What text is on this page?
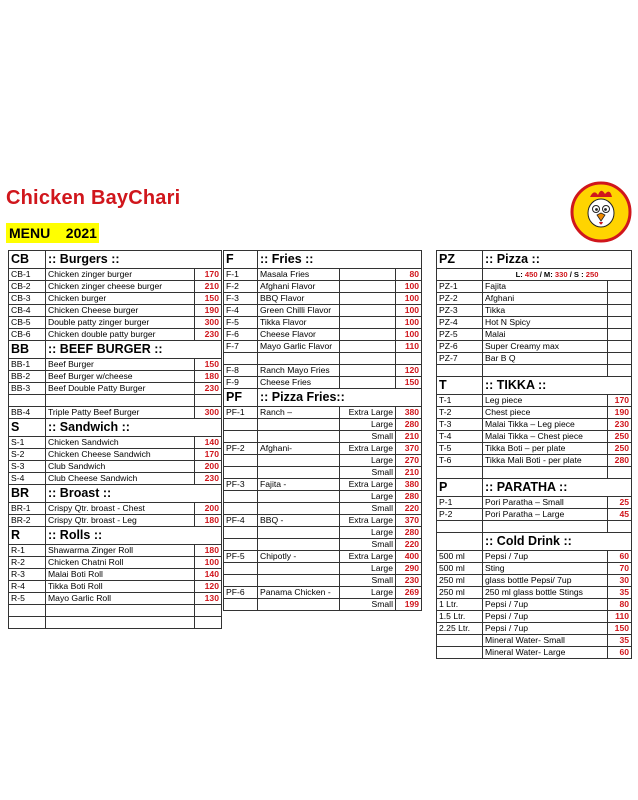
Chicken BayChari
MENU 2021
CB	:: Burgers ::	
CB-1	Chicken zinger burger	170
CB-2	Chicken zinger cheese burger	210
CB-3	Chicken burger	150
CB-4	Chicken Cheese burger	190
CB-5	Double patty zinger burger	300
CB-6	Chicken double patty burger	230
BB	:: BEEF BURGER ::	
BB-1	Beef Burger	150
BB-2	Beef Burger w/cheese	180
BB-3	Beef Double Patty Burger	230

BB-4	Triple Patty Beef Burger	300
S	:: Sandwich ::	
S-1	Chicken Sandwich	140
S-2	Chicken Cheese Sandwich	170
S-3	Club Sandwich	200
S-4	Club Cheese Sandwich	230
BR	:: Broast ::	
BR-1	Crispy Qtr. broast - Chest	200
BR-2	Crispy Qtr. broast - Leg	180
R	:: Rolls ::	
R-1	Shawarma Zinger Roll	180
R-2	Chicken Chatni Roll	100
R-3	Malai Boti Roll	140
R-4	Tikka Boti Roll	120
R-5	Mayo Garlic Roll	130

F	:: Fries ::		
F-1	Masala Fries		80
F-2	Afghani Flavor		100
F-3	BBQ Flavor		100
F-4	Green Chilli Flavor		100
F-5	Tikka Flavor		100
F-6	Cheese Flavor		100
F-7	Mayo Garlic Flavor		110

F-8	Ranch Mayo Fries		120
F-9	Cheese Fries		150
PF	:: Pizza Fries::		
PF-1	Ranch –	Extra Large	380
		Large	280
		Small	210
PF-2	Afghani-	Extra Large	370
		Large	270
		Small	210
PF-3	Fajita -	Extra Large	380
		Large	280
		Small	220
PF-4	BBQ -	Extra Large	370
		Large	280
		Small	220
PF-5	Chipotly -	Extra Large	400
		Large	290
		Small	230
PF-6	Panama Chicken -	Large	269
		Small	199
PZ	:: Pizza ::	
	L: 450 / M: 330 / S : 250	
PZ-1	Fajita	
PZ-2	Afghani	
PZ-3	Tikka	
PZ-4	Hot N Spicy	
PZ-5	Malai	
PZ-6	Super Creamy max	
PZ-7	Bar B Q	

T	:: TIKKA ::	
T-1	Leg piece	170
T-2	Chest piece	190
T-3	Malai Tikka – Leg piece	230
T-4	Malai Tikka – Chest piece	250
T-5	Tikka Boti – per plate	250
T-6	Tikka Mali Boti - per plate	280

P	:: PARATHA ::	
P-1	Pori Paratha – Small	25
P-2	Pori Paratha – Large	45

	:: Cold Drink ::	
500 ml	Pepsi / 7up	60
500 ml	Sting	70
250 ml	glass bottle Pepsi/ 7up	30
250 ml	250 ml glass bottle Stings	35
1 Ltr.	Pepsi / 7up	80
1.5 Ltr.	Pepsi / 7up	110
2.25 Ltr.	Pepsi / 7up	150
	Mineral Water- Small	35
	Mineral Water- Large	60
